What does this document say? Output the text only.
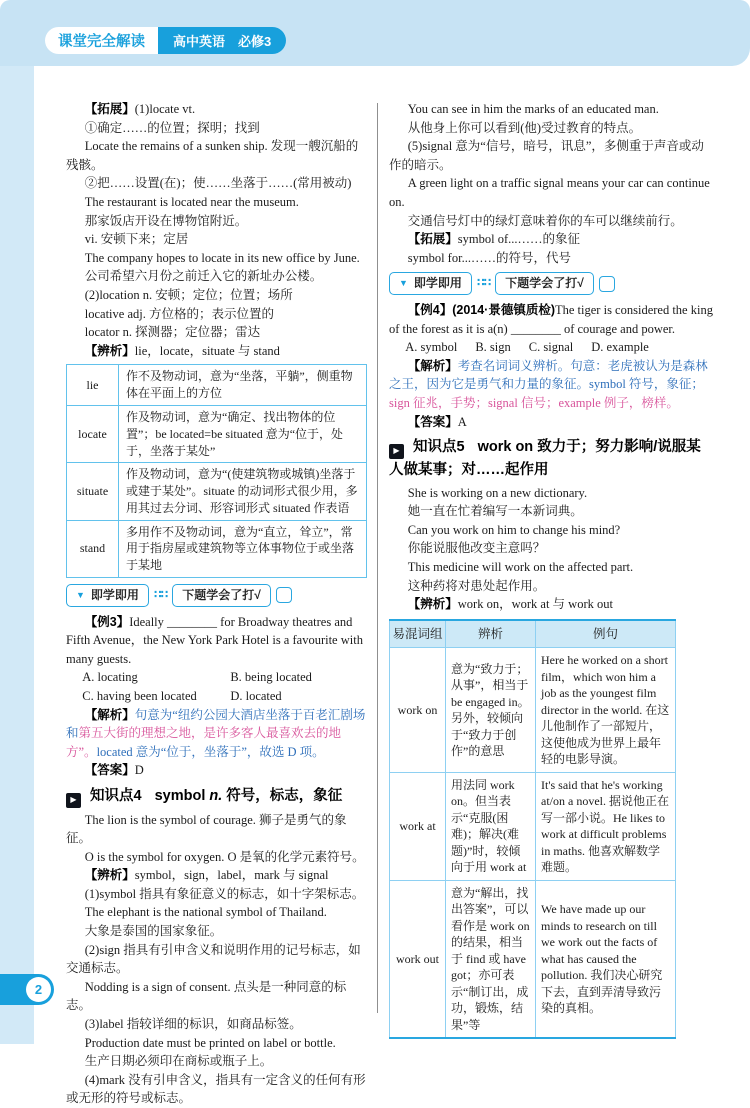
课堂完全解读	高中英语　必修3

【拓展】(1)locate vt.

①确定……的位置；探明；找到

Locate the remains of a sunken ship. 发现一艘沉船的残骸。

②把……设置(在)；使……坐落于……(常用被动)

The restaurant is located near the museum.

那家饭店开设在博物馆附近。

vi. 安顿下来；定居

The company hopes to locate in its new office by June.

公司希望六月份之前迁入它的新址办公楼。

(2)location n. 安顿；定位；位置；场所

locative adj. 方位格的；表示位置的

locator n. 探测器；定位器；雷达

【辨析】lie，locate，situate 与 stand

lie	作不及物动词，意为“坐落，平躺”，侧重物体在平面上的方位
locate	作及物动词，意为“确定、找出物体的位置”；be located=be situated 意为“位于，处于，坐落于某处”
situate	作及物动词，意为“(使建筑物或城镇)坐落于或建于某处”。situate 的动词形式很少用，多用其过去分词、形容词形式 situated 作表语
stand	多用作不及物动词，意为“直立，耸立”，常用于指房屋或建筑物等立体事物位于或坐落于某地
▼ 即学即用 ∷∷	下题学会了打√

【例3】Ideally ________ for Broadway theatres and Fifth Avenue，the New York Park Hotel is a favourite with many guests.

A. locating	B. being located
C. having been located	D. located

【解析】句意为“纽约公园大酒店坐落于百老汇剧场和第五大街的理想之地，是许多客人最喜欢去的地方”。located 意为“位于，坐落于”，故选 D 项。

【答案】D

▶ 知识点4 symbol n. 符号，标志，象征

The lion is the symbol of courage. 狮子是勇气的象征。

O is the symbol for oxygen. O 是氧的化学元素符号。

【辨析】symbol，sign，label，mark 与 signal

(1)symbol 指具有象征意义的标志，如十字架标志。

The elephant is the national symbol of Thailand.

大象是泰国的国家象征。

(2)sign 指具有引申含义和说明作用的记号标志，如交通标志。

Nodding is a sign of consent. 点头是一种同意的标志。

(3)label 指较详细的标识，如商品标签。

Production date must be printed on label or bottle.

生产日期必须印在商标或瓶子上。

(4)mark 没有引申含义，指具有一定含义的任何有形或无形的符号或标志。

You can see in him the marks of an educated man.

从他身上你可以看到(他)受过教育的特点。

(5)signal 意为“信号，暗号，讯息”，多侧重于声音或动作的暗示。

A green light on a traffic signal means your car can continue on.

交通信号灯中的绿灯意味着你的车可以继续前行。

【拓展】symbol of...……的象征

symbol for...……的符号，代号

▼ 即学即用 ∷∷	下题学会了打√

【例4】(2014·景德镇质检)The tiger is considered the king of the forest as it is a(n) ________ of courage and power.

A. symbol B. sign C. signal D. example

【解析】考查名词词义辨析。句意：老虎被认为是森林之王，因为它是勇气和力量的象征。symbol 符号，象征；sign 征兆，手势；signal 信号；example 例子，榜样。

【答案】A

▶ 知识点5 work on 致力于；努力影响/说服某人做某事；对……起作用

She is working on a new dictionary.

她一直在忙着编写一本新词典。

Can you work on him to change his mind?

你能说服他改变主意吗？

This medicine will work on the affected part.

这种药将对患处起作用。

【辨析】work on，work at 与 work out

易混词组	辨析	例句
work on	意为“致力于；从事”，相当于 be engaged in。另外，较倾向于“致力于创作”的意思	Here he worked on a short film，which won him a job as the youngest film director in the world. 在这儿他制作了一部短片，这使他成为世界上最年轻的电影导演。
work at	用法同 work on。但当表示“克服(困难)；解决(难题)”时，较倾向于用 work at	It's said that he's working at/on a novel. 据说他正在写一部小说。He likes to work at difficult problems in maths. 他喜欢解数学难题。
work out	意为“解出，找出答案”，可以看作是 work on 的结果，相当于 find 或 have got；亦可表示“制订出，成功，锻炼，结果”等	We have made up our minds to research on till we work out the facts of what has caused the pollution. 我们决心研究下去，直到弄清导致污染的真相。
2
